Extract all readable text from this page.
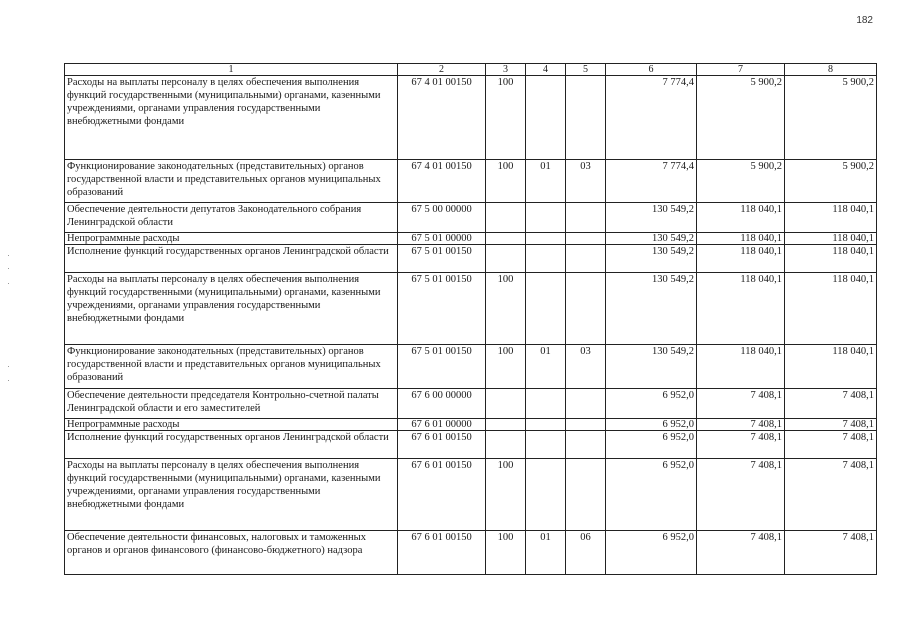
182
1	2	3	4	5	6	7	8
Расходы на выплаты персоналу в целях обеспечения выполнения функций государственными (муниципальными) органами, казенными учреждениями, органами управления государственными внебюджетными фондами	67 4 01 00150	100			7 774,4	5 900,2	5 900,2
Функционирование законодательных (представительных) органов государственной власти и представительных органов муниципальных образований	67 4 01 00150	100	01	03	7 774,4	5 900,2	5 900,2
Обеспечение деятельности депутатов Законодательного собрания Ленинградской области	67 5 00 00000				130 549,2	118 040,1	118 040,1
Непрограммные расходы	67 5 01 00000				130 549,2	118 040,1	118 040,1
Исполнение функций государственных органов Ленинградской области	67 5 01 00150				130 549,2	118 040,1	118 040,1
Расходы на выплаты персоналу в целях обеспечения выполнения функций государственными (муниципальными) органами, казенными учреждениями, органами управления государственными внебюджетными фондами	67 5 01 00150	100			130 549,2	118 040,1	118 040,1
Функционирование законодательных (представительных) органов государственной власти и представительных органов муниципальных образований	67 5 01 00150	100	01	03	130 549,2	118 040,1	118 040,1
Обеспечение деятельности председателя Контрольно-счетной палаты Ленинградской области и его заместителей	67 6 00 00000				6 952,0	7 408,1	7 408,1
Непрограммные расходы	67 6 01 00000				6 952,0	7 408,1	7 408,1
Исполнение функций государственных органов Ленинградской области	67 6 01 00150				6 952,0	7 408,1	7 408,1
Расходы на выплаты персоналу в целях обеспечения выполнения функций государственными (муниципальными) органами, казенными учреждениями, органами управления государственными внебюджетными фондами	67 6 01 00150	100			6 952,0	7 408,1	7 408,1
Обеспечение деятельности финансовых, налоговых и таможенных органов и органов финансового (финансово-бюджетного) надзора	67 6 01 00150	100	01	06	6 952,0	7 408,1	7 408,1
